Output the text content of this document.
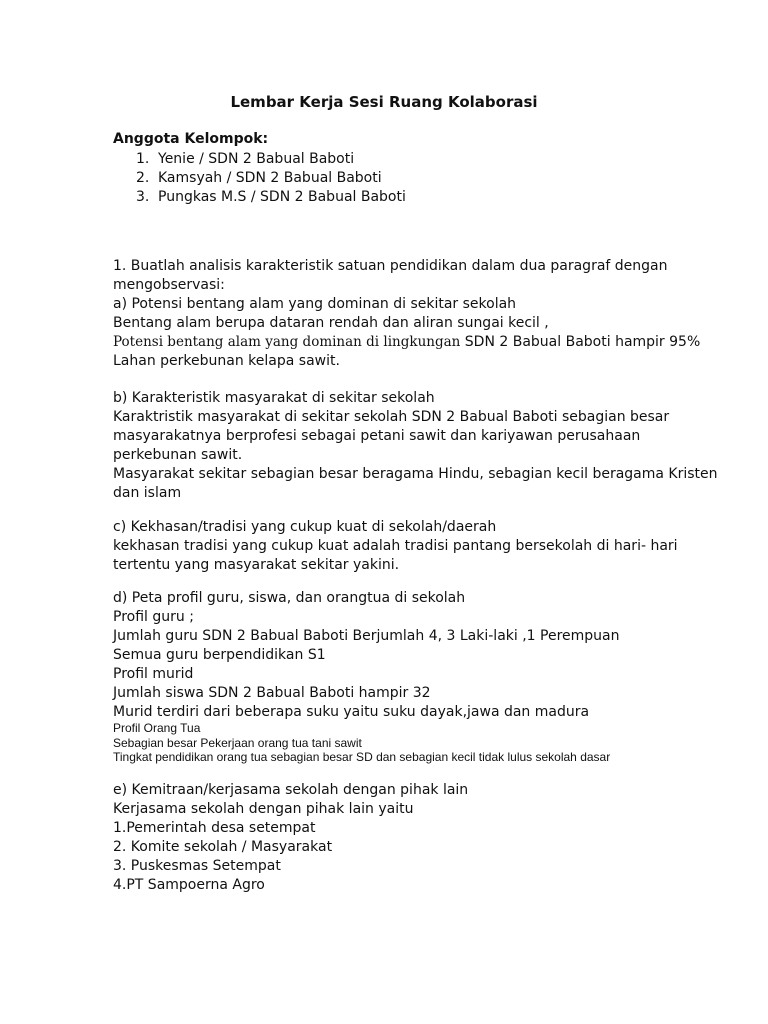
Lembar Kerja Sesi Ruang Kolaborasi
Anggota Kelompok:
1. Yenie / SDN 2 Babual Baboti
2. Kamsyah / SDN 2 Babual Baboti
3. Pungkas M.S / SDN 2 Babual Baboti
1. Buatlah analisis karakteristik satuan pendidikan dalam dua paragraf dengan
mengobservasi:
a) Potensi bentang alam yang dominan di sekitar sekolah
Bentang alam berupa dataran rendah dan aliran sungai kecil ,
Potensi bentang alam yang dominan di lingkungan SDN 2 Babual Baboti hampir 95%
Lahan perkebunan kelapa sawit.
b) Karakteristik masyarakat di sekitar sekolah
Karaktristik masyarakat di sekitar sekolah SDN 2 Babual Baboti sebagian besar
masyarakatnya berprofesi sebagai petani sawit dan kariyawan perusahaan
perkebunan sawit.
Masyarakat sekitar sebagian besar beragama Hindu, sebagian kecil beragama Kristen
dan islam
c) Kekhasan/tradisi yang cukup kuat di sekolah/daerah
kekhasan tradisi yang cukup kuat adalah tradisi pantang bersekolah di hari- hari
tertentu yang masyarakat sekitar yakini.
d) Peta profil guru, siswa, dan orangtua di sekolah
Profil guru ;
Jumlah guru SDN 2 Babual Baboti Berjumlah 4, 3 Laki-laki ,1 Perempuan
Semua guru berpendidikan S1
Profil murid
Jumlah siswa SDN 2 Babual Baboti hampir 32
Murid terdiri dari beberapa suku yaitu suku dayak,jawa dan madura
Profil Orang Tua
Sebagian besar Pekerjaan orang tua tani sawit
Tingkat pendidikan orang tua sebagian besar SD dan sebagian kecil tidak lulus sekolah dasar
e) Kemitraan/kerjasama sekolah dengan pihak lain
Kerjasama sekolah dengan pihak lain yaitu
1.Pemerintah desa setempat
2. Komite sekolah / Masyarakat
3. Puskesmas Setempat
4.PT Sampoerna Agro
